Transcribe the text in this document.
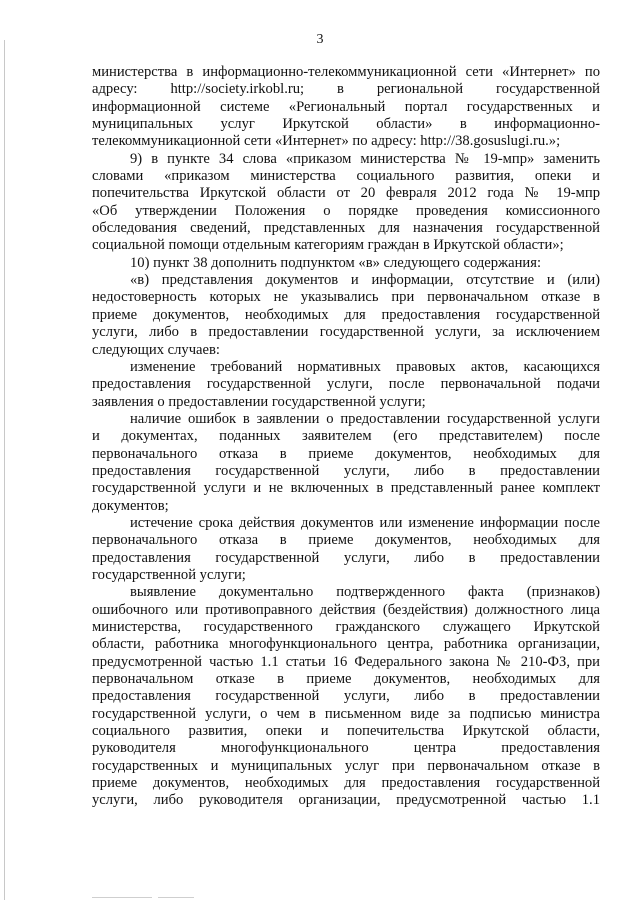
3
министерства в информационно-телекоммуникационной сети «Интернет» по
адресу: http://society.irkobl.ru; в региональной государственной
информационной системе «Региональный портал государственных и
муниципальных услуг Иркутской области» в информационно-
телекоммуникационной сети «Интернет» по адресу: http://38.gosuslugi.ru.»;
9) в пункте 34 слова «приказом министерства № 19-мпр» заменить
словами «приказом министерства социального развития, опеки и
попечительства Иркутской области от 20 февраля 2012 года № 19-мпр
«Об утверждении Положения о порядке проведения комиссионного
обследования сведений, представленных для назначения государственной
социальной помощи отдельным категориям граждан в Иркутской области»;
10) пункт 38 дополнить подпунктом «в» следующего содержания:
«в) представления документов и информации, отсутствие и (или)
недостоверность которых не указывались при первоначальном отказе в
приеме документов, необходимых для предоставления государственной
услуги, либо в предоставлении государственной услуги, за исключением
следующих случаев:
изменение требований нормативных правовых актов, касающихся
предоставления государственной услуги, после первоначальной подачи
заявления о предоставлении государственной услуги;
наличие ошибок в заявлении о предоставлении государственной услуги
и документах, поданных заявителем (его представителем) после
первоначального отказа в приеме документов, необходимых для
предоставления государственной услуги, либо в предоставлении
государственной услуги и не включенных в представленный ранее комплект
документов;
истечение срока действия документов или изменение информации после
первоначального отказа в приеме документов, необходимых для
предоставления государственной услуги, либо в предоставлении
государственной услуги;
выявление документально подтвержденного факта (признаков)
ошибочного или противоправного действия (бездействия) должностного лица
министерства, государственного гражданского служащего Иркутской
области, работника многофункционального центра, работника организации,
предусмотренной частью 1.1 статьи 16 Федерального закона № 210-ФЗ, при
первоначальном отказе в приеме документов, необходимых для
предоставления государственной услуги, либо в предоставлении
государственной услуги, о чем в письменном виде за подписью министра
социального развития, опеки и попечительства Иркутской области,
руководителя многофункционального центра предоставления
государственных и муниципальных услуг при первоначальном отказе в
приеме документов, необходимых для предоставления государственной
услуги, либо руководителя организации, предусмотренной частью 1.1
